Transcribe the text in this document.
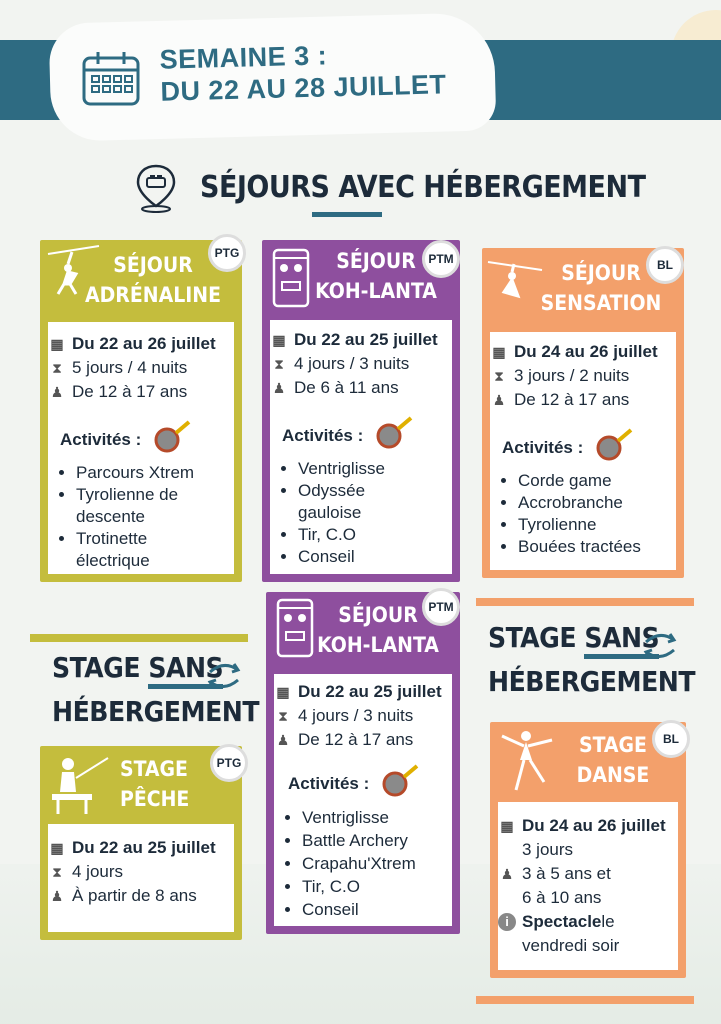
SEMAINE 3 :
DU 22 AU 28 JUILLET
SÉJOURS AVEC HÉBERGEMENT
SÉJOUR
ADRÉNALINE
PTG
▦ Du 22 au 26 juillet
⧗ 5 jours / 4 nuits
♟ De 12 à 17 ans
Activités :
• Parcours Xtrem
• Tyrolienne de
descente
• Trotinette
électrique
SÉJOUR
KOH-LANTA
PTM
▦ Du 22 au 25 juillet
⧗ 4 jours / 3 nuits
♟ De 6 à 11 ans
Activités :
• Ventriglisse
• Odyssée
gauloise
• Tir, C.O
• Conseil
SÉJOUR
SENSATION
BL
▦ Du 24 au 26 juillet
⧗ 3 jours / 2 nuits
♟ De 12 à 17 ans
Activités :
• Corde game
• Accrobranche
• Tyrolienne
• Bouées tractées
STAGE SANS
HÉBERGEMENT
STAGE
PÊCHE
PTG
▦ Du 22 au 25 juillet
⧗ 4 jours
♟ À partir de 8 ans
SÉJOUR
KOH-LANTA
PTM
▦ Du 22 au 25 juillet
⧗ 4 jours / 3 nuits
♟ De 12 à 17 ans
Activités :
• Ventriglisse
• Battle Archery
• Crapahu'Xtrem
• Tir, C.O
• Conseil
STAGE SANS
HÉBERGEMENT
STAGE
DANSE
BL
▦ Du 24 au 26 juillet
3 jours
♟ 3 à 5 ans et
6 à 10 ans
i Spectacle le
vendredi soir
